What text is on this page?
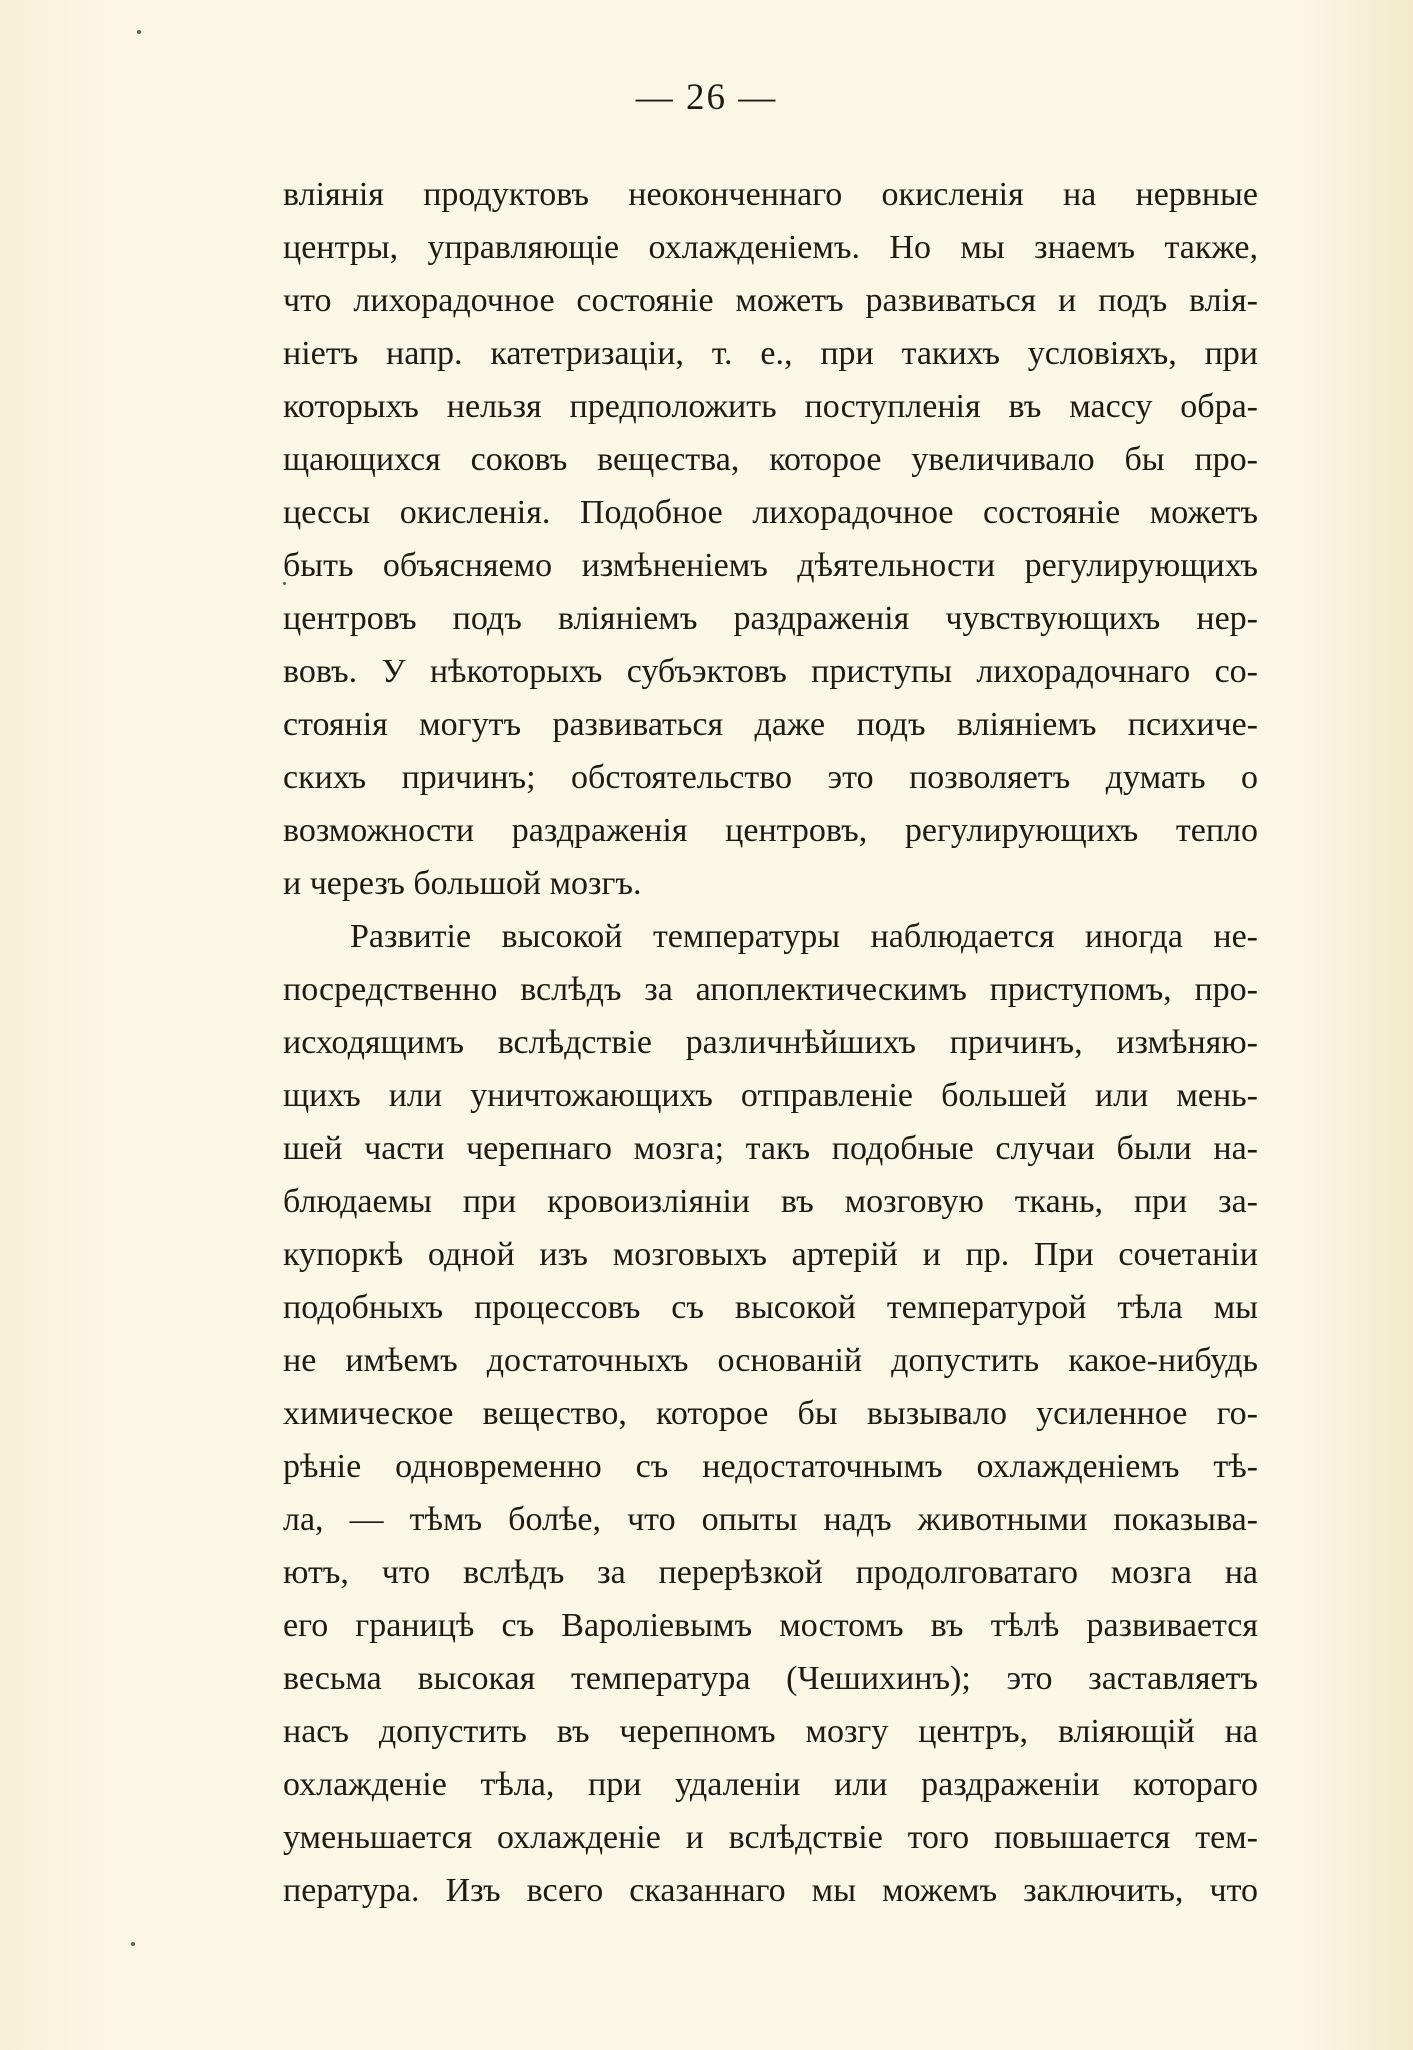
— 26 —
вліянія продуктовъ неоконченнаго окисленія на нервные
центры, управляющіе охлажденіемъ. Но мы знаемъ также,
что лихорадочное состояніе можетъ развиваться и подъ влія-
ніетъ напр. катетризаціи, т. е., при такихъ условіяхъ, при
которыхъ нельзя предположить поступленія въ массу обра-
щающихся соковъ вещества, которое увеличивало бы про-
цессы окисленія. Подобное лихорадочное состояніе можетъ
быть объясняемо измѣненіемъ дѣятельности регулирующихъ
центровъ подъ вліяніемъ раздраженія чувствующихъ нер-
вовъ. У нѣкоторыхъ субъэктовъ приступы лихорадочнаго со-
стоянія могутъ развиваться даже подъ вліяніемъ психиче-
скихъ причинъ; обстоятельство это позволяетъ думать о
возможности раздраженія центровъ, регулирующихъ тепло
и черезъ большой мозгъ.
Развитіе высокой температуры наблюдается иногда не-
посредственно вслѣдъ за апоплектическимъ приступомъ, про-
исходящимъ вслѣдствіе различнѣйшихъ причинъ, измѣняю-
щихъ или уничтожающихъ отправленіе большей или мень-
шей части черепнаго мозга; такъ подобные случаи были на-
блюдаемы при кровоизліяніи въ мозговую ткань, при за-
купоркѣ одной изъ мозговыхъ артерій и пр. При сочетаніи
подобныхъ процессовъ съ высокой температурой тѣла мы
не имѣемъ достаточныхъ основаній допустить какое-нибудь
химическое вещество, которое бы вызывало усиленное го-
рѣніе одновременно съ недостаточнымъ охлажденіемъ тѣ-
ла, — тѣмъ болѣе, что опыты надъ животными показыва-
ютъ, что вслѣдъ за перерѣзкой продолговатаго мозга на
его границѣ съ Вароліевымъ мостомъ въ тѣлѣ развивается
весьма высокая температура (Чешихинъ); это заставляетъ
насъ допустить въ черепномъ мозгу центръ, вліяющій на
охлажденіе тѣла, при удаленіи или раздраженіи котораго
уменьшается охлажденіе и вслѣдствіе того повышается тем-
пература. Изъ всего сказаннаго мы можемъ заключить, что
